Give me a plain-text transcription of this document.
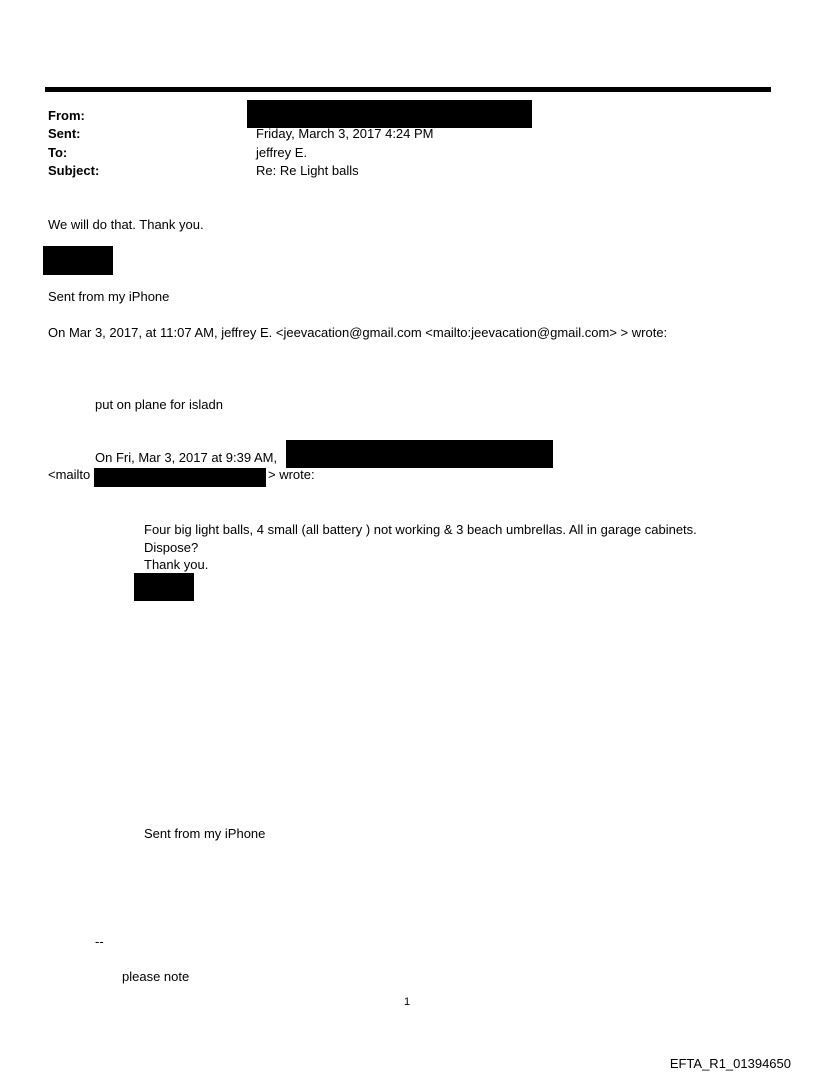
From:
Sent:	Friday, March 3, 2017 4:24 PM
To:	jeffrey E.
Subject:	Re: Re Light balls
We will do that. Thank you.
Sent from my iPhone
On Mar 3, 2017, at 11:07 AM, jeffrey E. <jeevacation@gmail.com <mailto:jeevacation@gmail.com> > wrote:
put on plane for isladn
On Fri, Mar 3, 2017 at 9:39 AM,
<mailto	> wrote:
Four big light balls, 4 small (all battery ) not working & 3 beach umbrellas. All in garage cabinets.
Dispose?
Thank you.
Sent from my iPhone
--
please note
1
EFTA_R1_01394650
